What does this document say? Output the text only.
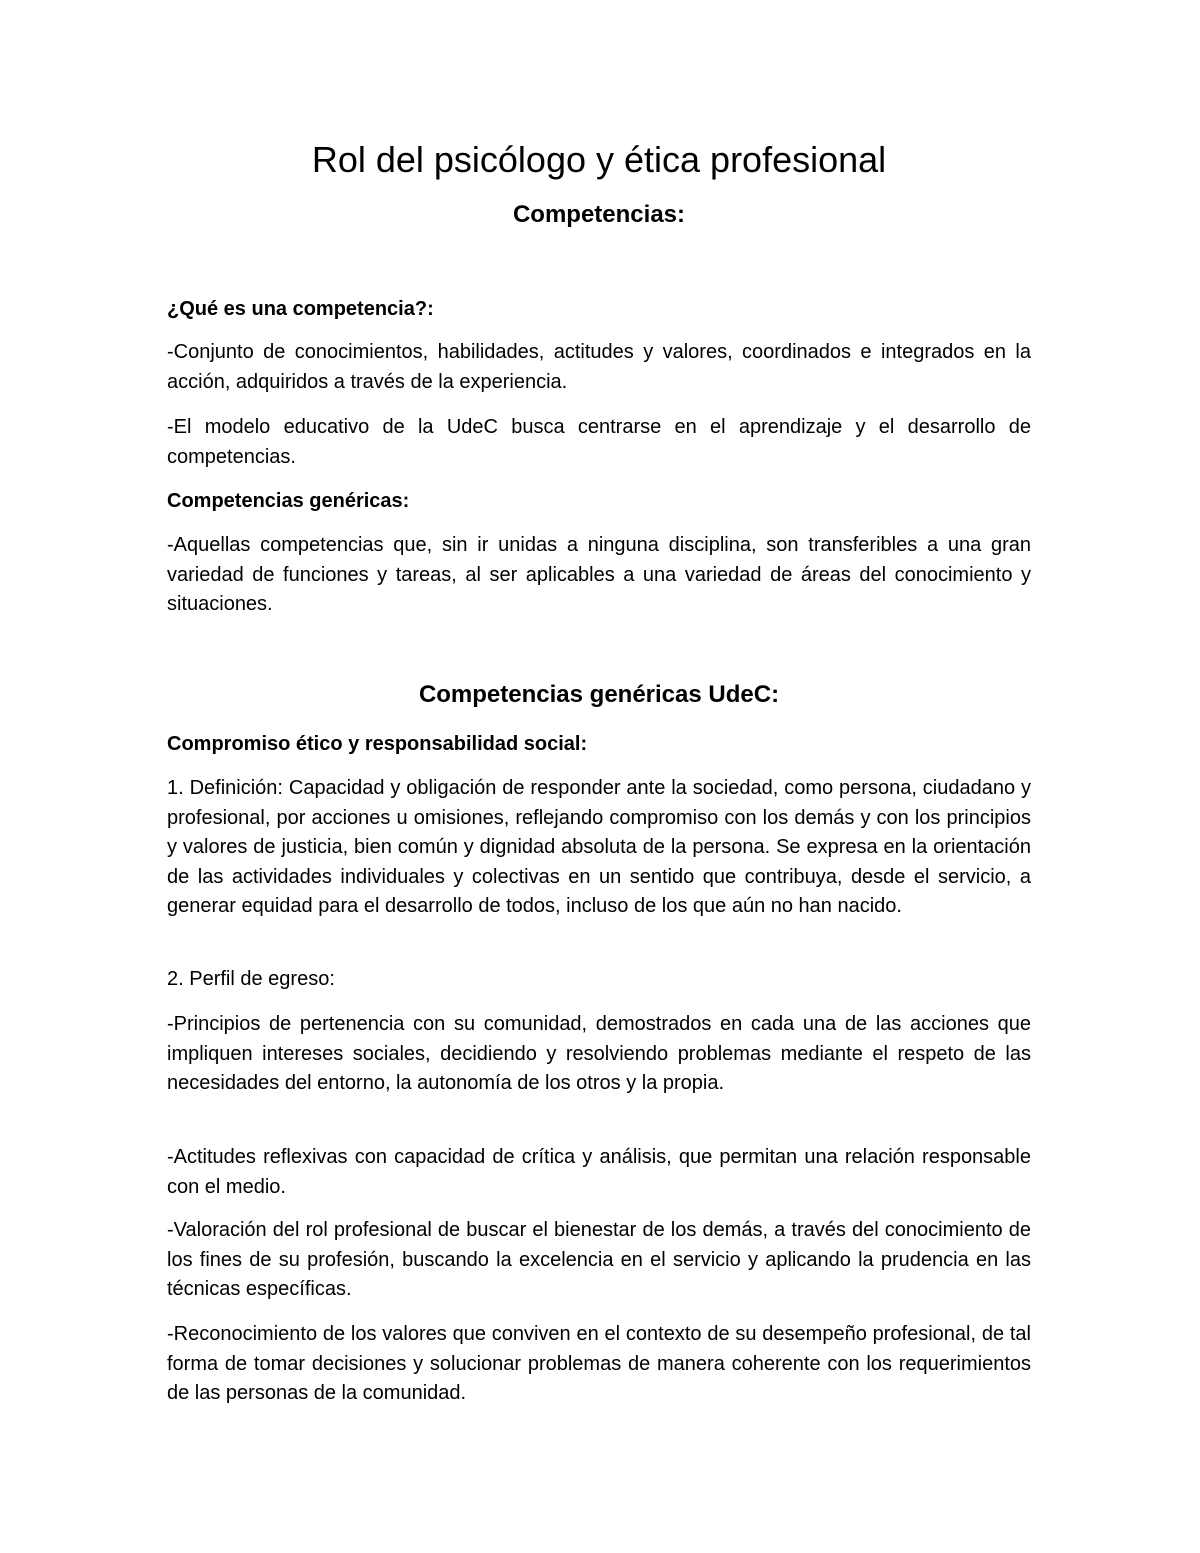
Rol del psicólogo y ética profesional
Competencias:

¿Qué es una competencia?:

-Conjunto de conocimientos, habilidades, actitudes y valores, coordinados e integrados en la acción, adquiridos a través de la experiencia.

-El modelo educativo de la UdeC busca centrarse en el aprendizaje y el desarrollo de competencias.

Competencias genéricas:

-Aquellas competencias que, sin ir unidas a ninguna disciplina, son transferibles a una gran variedad de funciones y tareas, al ser aplicables a una variedad de áreas del conocimiento y situaciones.

Competencias genéricas UdeC:

Compromiso ético y responsabilidad social:

1. Definición: Capacidad y obligación de responder ante la sociedad, como persona, ciudadano y profesional, por acciones u omisiones, reflejando compromiso con los demás y con los principios y valores de justicia, bien común y dignidad absoluta de la persona. Se expresa en la orientación de las actividades individuales y colectivas en un sentido que contribuya, desde el servicio, a generar equidad para el desarrollo de todos, incluso de los que aún no han nacido.

2. Perfil de egreso:

-Principios de pertenencia con su comunidad, demostrados en cada una de las acciones que impliquen intereses sociales, decidiendo y resolviendo problemas mediante el respeto de las necesidades del entorno, la autonomía de los otros y la propia.

-Actitudes reflexivas con capacidad de crítica y análisis, que permitan una relación responsable con el medio.

-Valoración del rol profesional de buscar el bienestar de los demás, a través del conocimiento de los fines de su profesión, buscando la excelencia en el servicio y aplicando la prudencia en las técnicas específicas.

-Reconocimiento de los valores que conviven en el contexto de su desempeño profesional, de tal forma de tomar decisiones y solucionar problemas de manera coherente con los requerimientos de las personas de la comunidad.
